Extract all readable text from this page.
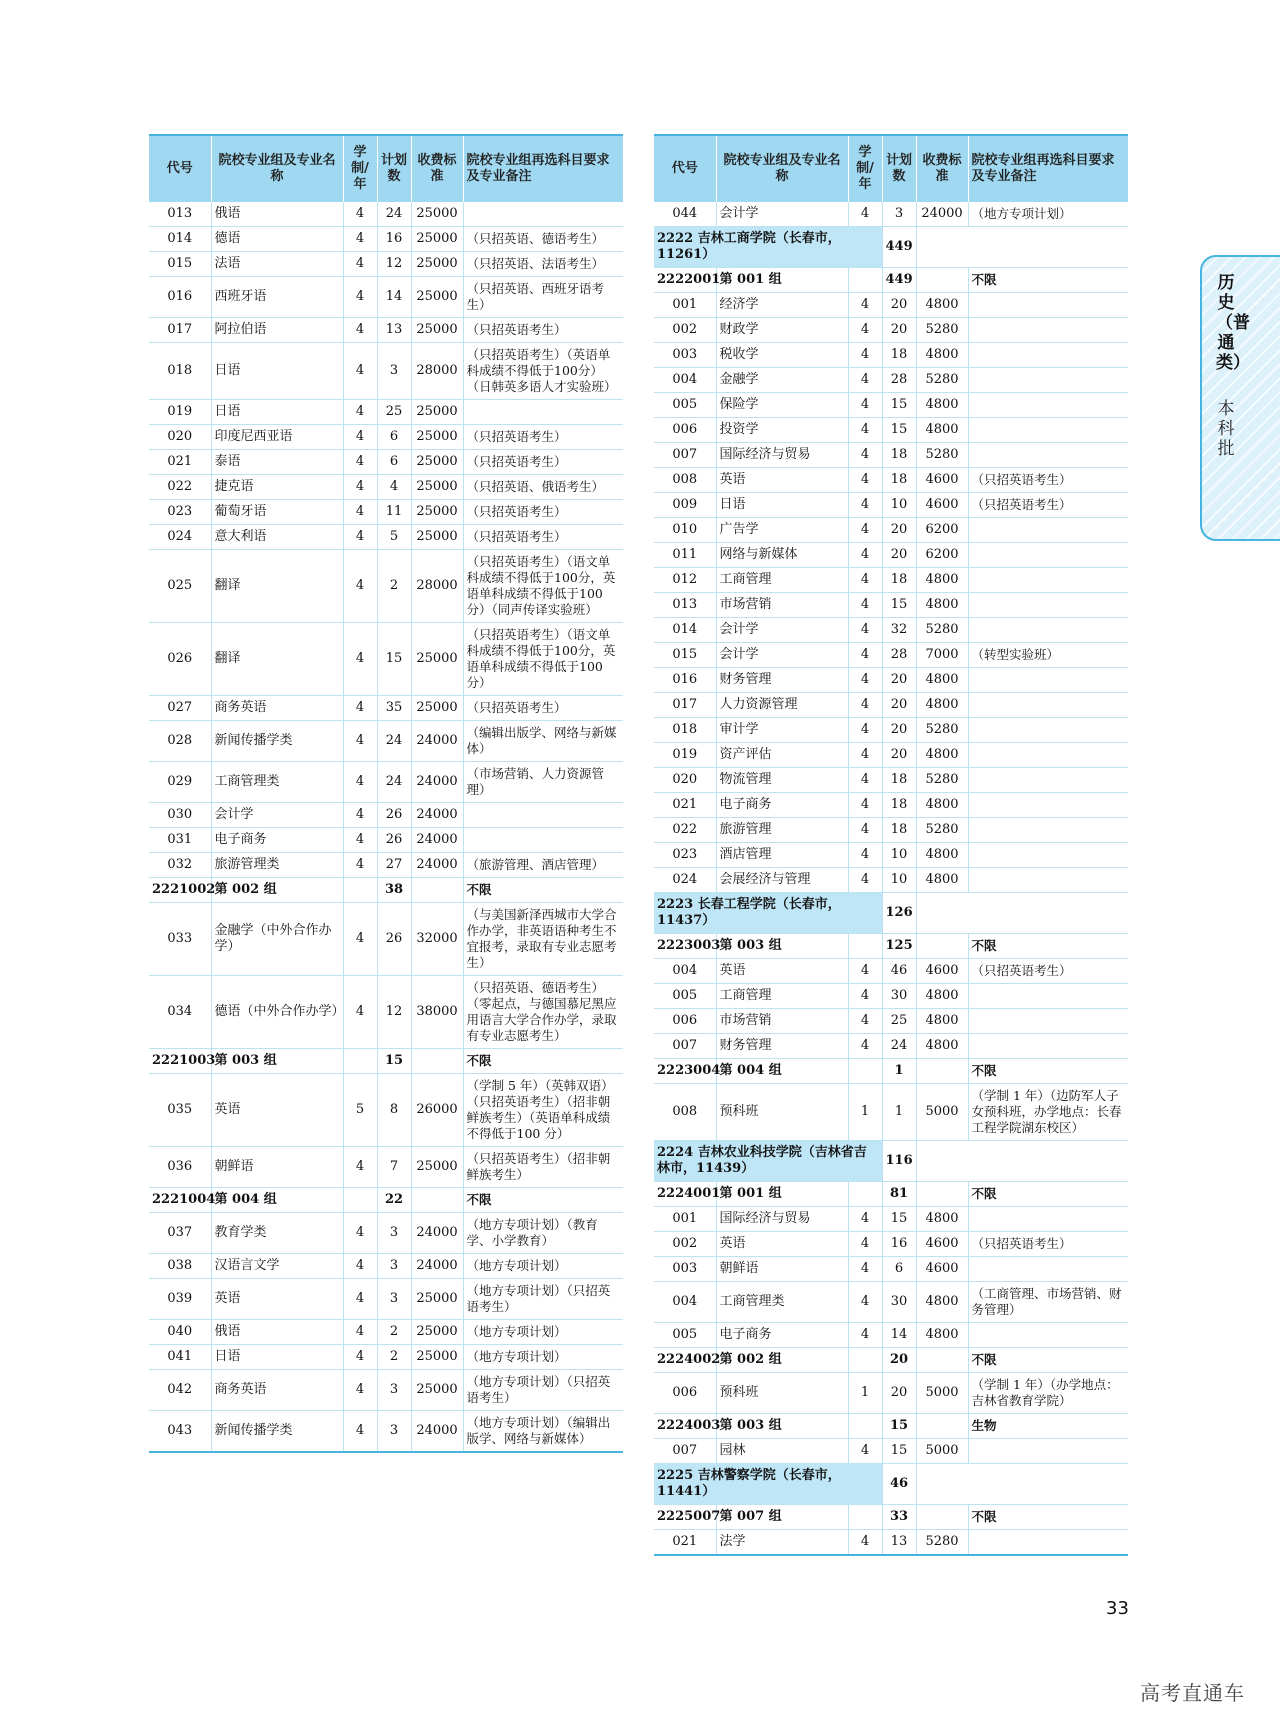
代号	院校专业组及专业名称	学制/年	计划数	收费标准	院校专业组再选科目要求及专业备注
013	俄语	4	24	25000	
014	德语	4	16	25000	（只招英语、德语考生）
015	法语	4	12	25000	（只招英语、法语考生）
016	西班牙语	4	14	25000	（只招英语、西班牙语考生）
017	阿拉伯语	4	13	25000	（只招英语考生）
018	日语	4	3	28000	（只招英语考生）（英语单科成绩不得低于100分）（日韩英多语人才实验班）
019	日语	4	25	25000	
020	印度尼西亚语	4	6	25000	（只招英语考生）
021	泰语	4	6	25000	（只招英语考生）
022	捷克语	4	4	25000	（只招英语、俄语考生）
023	葡萄牙语	4	11	25000	（只招英语考生）
024	意大利语	4	5	25000	（只招英语考生）
025	翻译	4	2	28000	（只招英语考生）（语文单科成绩不得低于100分，英语单科成绩不得低于100分）（同声传译实验班）
026	翻译	4	15	25000	（只招英语考生）（语文单科成绩不得低于100分，英语单科成绩不得低于100分）
027	商务英语	4	35	25000	（只招英语考生）
028	新闻传播学类	4	24	24000	（编辑出版学、网络与新媒体）
029	工商管理类	4	24	24000	（市场营销、人力资源管理）
030	会计学	4	26	24000	
031	电子商务	4	26	24000	
032	旅游管理类	4	27	24000	（旅游管理、酒店管理）
2221002	第 002 组		38		不限
033	金融学（中外合作办学）	4	26	32000	（与美国新泽西城市大学合作办学，非英语语种考生不宜报考，录取有专业志愿考生）
034	德语（中外合作办学）	4	12	38000	（只招英语、德语考生）（零起点，与德国慕尼黑应用语言大学合作办学，录取有专业志愿考生）
2221003	第 003 组		15		不限
035	英语	5	8	26000	（学制 5 年）（英韩双语）（只招英语考生）（招非朝鲜族考生）（英语单科成绩不得低于100 分）
036	朝鲜语	4	7	25000	（只招英语考生）（招非朝鲜族考生）
2221004	第 004 组		22		不限
037	教育学类	4	3	24000	（地方专项计划）（教育学、小学教育）
038	汉语言文学	4	3	24000	（地方专项计划）
039	英语	4	3	25000	（地方专项计划）（只招英语考生）
040	俄语	4	2	25000	（地方专项计划）
041	日语	4	2	25000	（地方专项计划）
042	商务英语	4	3	25000	（地方专项计划）（只招英语考生）
043	新闻传播学类	4	3	24000	（地方专项计划）（编辑出版学、网络与新媒体）
代号	院校专业组及专业名称	学制/年	计划数	收费标准	院校专业组再选科目要求及专业备注
044	会计学	4	3	24000	（地方专项计划）
2222 吉林工商学院（长春市，11261）			449		
2222001	第 001 组		449		不限
001	经济学	4	20	4800	
002	财政学	4	20	5280	
003	税收学	4	18	4800	
004	金融学	4	28	5280	
005	保险学	4	15	4800	
006	投资学	4	15	4800	
007	国际经济与贸易	4	18	5280	
008	英语	4	18	4600	（只招英语考生）
009	日语	4	10	4600	（只招英语考生）
010	广告学	4	20	6200	
011	网络与新媒体	4	20	6200	
012	工商管理	4	18	4800	
013	市场营销	4	15	4800	
014	会计学	4	32	5280	
015	会计学	4	28	7000	（转型实验班）
016	财务管理	4	20	4800	
017	人力资源管理	4	20	4800	
018	审计学	4	20	5280	
019	资产评估	4	20	4800	
020	物流管理	4	18	5280	
021	电子商务	4	18	4800	
022	旅游管理	4	18	5280	
023	酒店管理	4	10	4800	
024	会展经济与管理	4	10	4800	
2223 长春工程学院（长春市，11437）			126		
2223003	第 003 组		125		不限
004	英语	4	46	4600	（只招英语考生）
005	工商管理	4	30	4800	
006	市场营销	4	25	4800	
007	财务管理	4	24	4800	
2223004	第 004 组		1		不限
008	预科班	1	1	5000	（学制 1 年）（边防军人子女预科班，办学地点：长春工程学院湖东校区）
2224 吉林农业科技学院（吉林省吉林市，11439）			116		
2224001	第 001 组		81		不限
001	国际经济与贸易	4	15	4800	
002	英语	4	16	4600	（只招英语考生）
003	朝鲜语	4	6	4600	
004	工商管理类	4	30	4800	（工商管理、市场营销、财务管理）
005	电子商务	4	14	4800	
2224002	第 002 组		20		不限
006	预科班	1	20	5000	（学制 1 年）（办学地点：吉林省教育学院）
2224003	第 003 组		15		生物
007	园林	4	15	5000	
2225 吉林警察学院（长春市，11441）			46		
2225007	第 007 组		33		不限
021	法学	4	13	5280	
历史（普通类）
本科批
33
高考直通车
